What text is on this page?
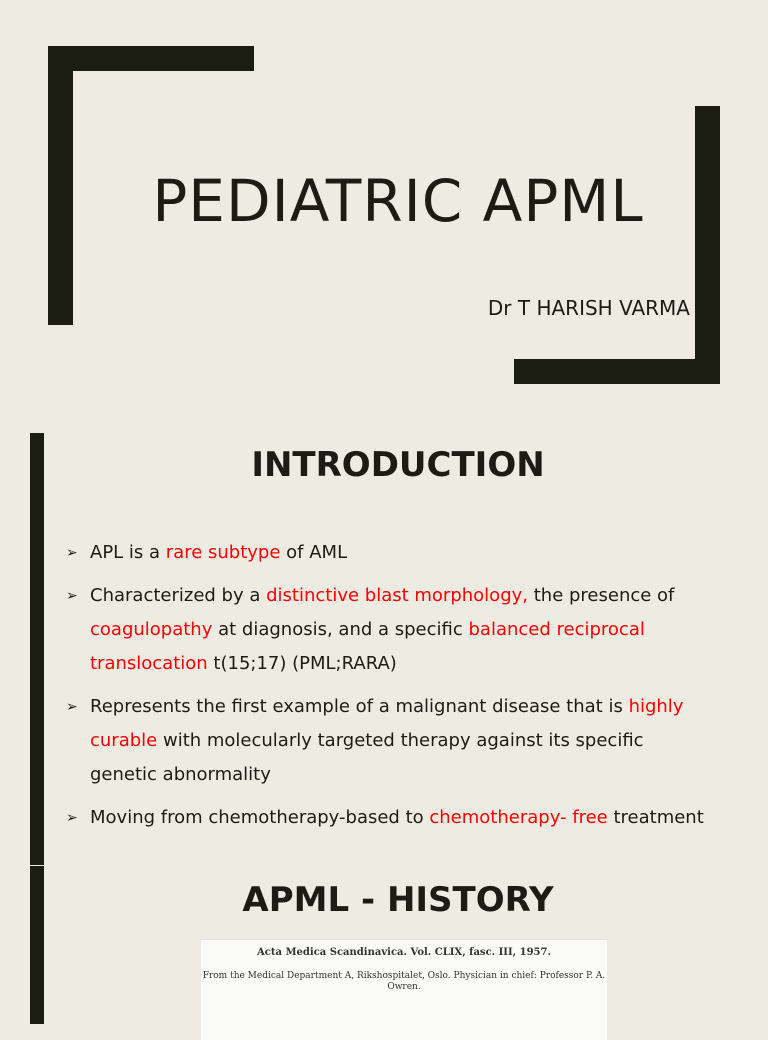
PEDIATRIC APML
Dr T HARISH VARMA
INTRODUCTION
➢ APL is a rare subtype of AML
➢ Characterized by a distinctive blast morphology, the presence of
coagulopathy at diagnosis, and a specific balanced reciprocal
translocation t(15;17) (PML;RARA)
➢ Represents the first example of a malignant disease that is highly
curable with molecularly targeted therapy against its specific
genetic abnormality
➢ Moving from chemotherapy-based to chemotherapy- free treatment
APML - HISTORY
Acta Medica Scandinavica. Vol. CLIX, fasc. III, 1957.
From the Medical Department A, Rikshospitalet, Oslo. Physician in chief: Professor P. A. Owren.
